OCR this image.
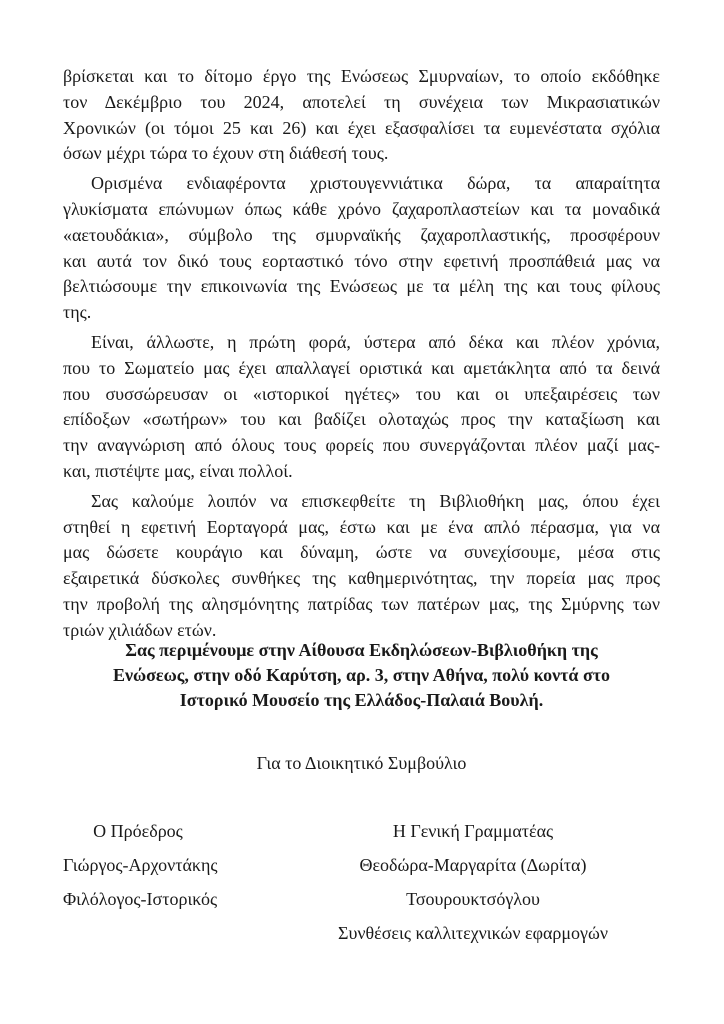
βρίσκεται και το δίτομο έργο της Ενώσεως Σμυρναίων, το οποίο εκδόθηκε
τον Δεκέμβριο του 2024, αποτελεί τη συνέχεια των Μικρασιατικών
Χρονικών (οι τόμοι 25 και 26) και έχει εξασφαλίσει τα ευμενέστατα σχόλια
όσων μέχρι τώρα το έχουν στη διάθεσή τους.
Ορισμένα ενδιαφέροντα χριστουγεννιάτικα δώρα, τα απαραίτητα
γλυκίσματα επώνυμων όπως κάθε χρόνο ζαχαροπλαστείων και τα μοναδικά
«αετουδάκια», σύμβολο της σμυρναϊκής ζαχαροπλαστικής, προσφέρουν
και αυτά τον δικό τους εορταστικό τόνο στην εφετινή προσπάθειά μας να
βελτιώσουμε την επικοινωνία της Ενώσεως με τα μέλη της και τους φίλους
της.
Είναι, άλλωστε, η πρώτη φορά, ύστερα από δέκα και πλέον χρόνια,
που το Σωματείο μας έχει απαλλαγεί οριστικά και αμετάκλητα από τα δεινά
που συσσώρευσαν οι «ιστορικοί ηγέτες» του και οι υπεξαιρέσεις των
επίδοξων «σωτήρων» του και βαδίζει ολοταχώς προς την καταξίωση και
την αναγνώριση από όλους τους φορείς που συνεργάζονται πλέον μαζί μας-
και, πιστέψτε μας, είναι πολλοί.
Σας καλούμε λοιπόν να επισκεφθείτε τη Βιβλιοθήκη μας, όπου έχει
στηθεί η εφετινή Εορταγορά μας, έστω και με ένα απλό πέρασμα, για να
μας δώσετε κουράγιο και δύναμη, ώστε να συνεχίσουμε, μέσα στις
εξαιρετικά δύσκολες συνθήκες της καθημερινότητας, την πορεία μας προς
την προβολή της αλησμόνητης πατρίδας των πατέρων μας, της Σμύρνης των
τριών χιλιάδων ετών.
Σας περιμένουμε στην Αίθουσα Εκδηλώσεων-Βιβλιοθήκη της
Ενώσεως, στην οδό Καρύτση, αρ. 3, στην Αθήνα, πολύ κοντά στο
Ιστορικό Μουσείο της Ελλάδος-Παλαιά Βουλή.
Για το Διοικητικό Συμβούλιο
Ο Πρόεδρος	Η Γενική Γραμματέας
Γιώργος-Αρχοντάκης	Θεοδώρα-Μαργαρίτα (Δωρίτα)
Φιλόλογος-Ιστορικός	Τσουρουκτσόγλου
Συνθέσεις καλλιτεχνικών εφαρμογών
